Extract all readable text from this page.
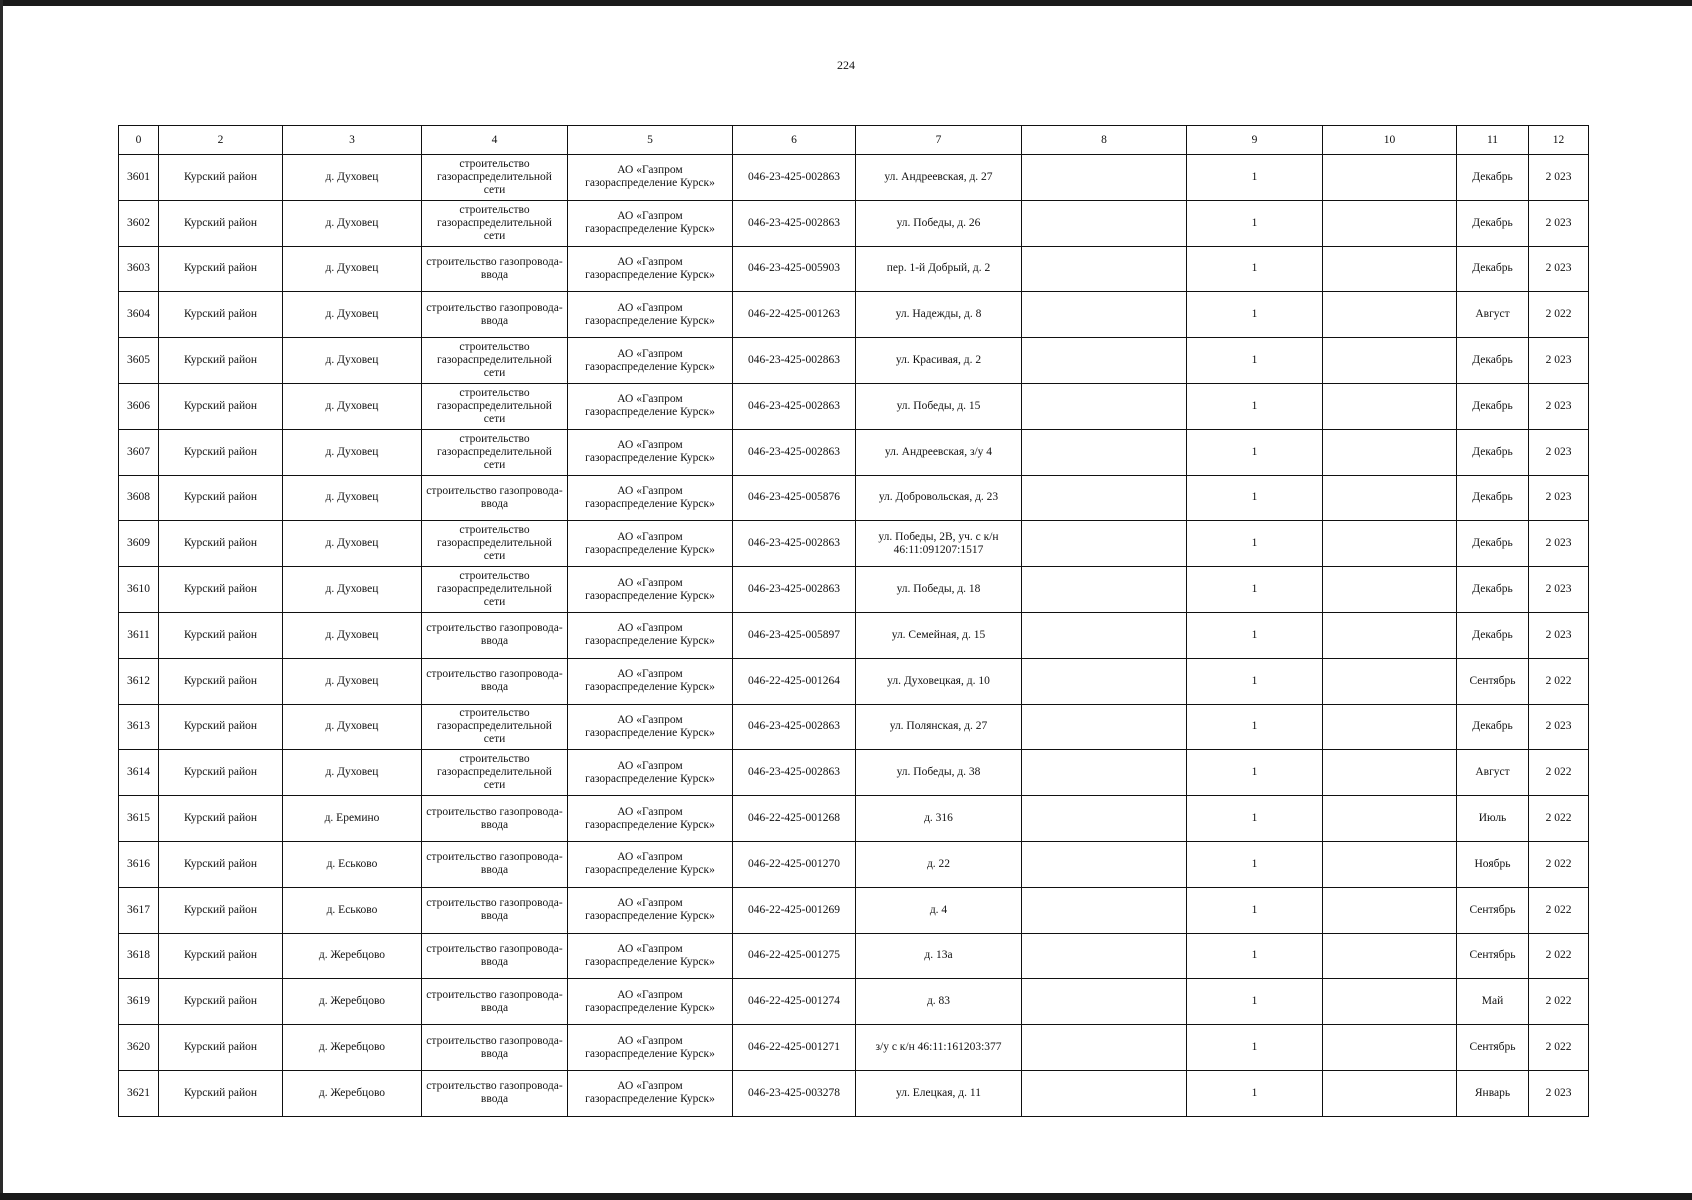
224
0	2	3	4	5	6	7	8	9	10	11	12
3601	Курский район	д. Духовец	строительство газораспределительной сети	АО «Газпром газораспределение Курск»	046-23-425-002863	ул. Андреевская, д. 27		1		Декабрь	2 023
3602	Курский район	д. Духовец	строительство газораспределительной сети	АО «Газпром газораспределение Курск»	046-23-425-002863	ул. Победы, д. 26		1		Декабрь	2 023
3603	Курский район	д. Духовец	строительство газопровода-ввода	АО «Газпром газораспределение Курск»	046-23-425-005903	пер. 1-й Добрый, д. 2		1		Декабрь	2 023
3604	Курский район	д. Духовец	строительство газопровода-ввода	АО «Газпром газораспределение Курск»	046-22-425-001263	ул. Надежды, д. 8		1		Август	2 022
3605	Курский район	д. Духовец	строительство газораспределительной сети	АО «Газпром газораспределение Курск»	046-23-425-002863	ул. Красивая, д. 2		1		Декабрь	2 023
3606	Курский район	д. Духовец	строительство газораспределительной сети	АО «Газпром газораспределение Курск»	046-23-425-002863	ул. Победы, д. 15		1		Декабрь	2 023
3607	Курский район	д. Духовец	строительство газораспределительной сети	АО «Газпром газораспределение Курск»	046-23-425-002863	ул. Андреевская, з/у 4		1		Декабрь	2 023
3608	Курский район	д. Духовец	строительство газопровода-ввода	АО «Газпром газораспределение Курск»	046-23-425-005876	ул. Добровольская, д. 23		1		Декабрь	2 023
3609	Курский район	д. Духовец	строительство газораспределительной сети	АО «Газпром газораспределение Курск»	046-23-425-002863	ул. Победы, 2В, уч. с к/н 46:11:091207:1517		1		Декабрь	2 023
3610	Курский район	д. Духовец	строительство газораспределительной сети	АО «Газпром газораспределение Курск»	046-23-425-002863	ул. Победы, д. 18		1		Декабрь	2 023
3611	Курский район	д. Духовец	строительство газопровода-ввода	АО «Газпром газораспределение Курск»	046-23-425-005897	ул. Семейная, д. 15		1		Декабрь	2 023
3612	Курский район	д. Духовец	строительство газопровода-ввода	АО «Газпром газораспределение Курск»	046-22-425-001264	ул. Духовецкая, д. 10		1		Сентябрь	2 022
3613	Курский район	д. Духовец	строительство газораспределительной сети	АО «Газпром газораспределение Курск»	046-23-425-002863	ул. Полянская, д. 27		1		Декабрь	2 023
3614	Курский район	д. Духовец	строительство газораспределительной сети	АО «Газпром газораспределение Курск»	046-23-425-002863	ул. Победы, д. 38		1		Август	2 022
3615	Курский район	д. Еремино	строительство газопровода-ввода	АО «Газпром газораспределение Курск»	046-22-425-001268	д. 316		1		Июль	2 022
3616	Курский район	д. Еськово	строительство газопровода-ввода	АО «Газпром газораспределение Курск»	046-22-425-001270	д. 22		1		Ноябрь	2 022
3617	Курский район	д. Еськово	строительство газопровода-ввода	АО «Газпром газораспределение Курск»	046-22-425-001269	д. 4		1		Сентябрь	2 022
3618	Курский район	д. Жеребцово	строительство газопровода-ввода	АО «Газпром газораспределение Курск»	046-22-425-001275	д. 13а		1		Сентябрь	2 022
3619	Курский район	д. Жеребцово	строительство газопровода-ввода	АО «Газпром газораспределение Курск»	046-22-425-001274	д. 83		1		Май	2 022
3620	Курский район	д. Жеребцово	строительство газопровода-ввода	АО «Газпром газораспределение Курск»	046-22-425-001271	з/у с к/н 46:11:161203:377		1		Сентябрь	2 022
3621	Курский район	д. Жеребцово	строительство газопровода-ввода	АО «Газпром газораспределение Курск»	046-23-425-003278	ул. Елецкая, д. 11		1		Январь	2 023
